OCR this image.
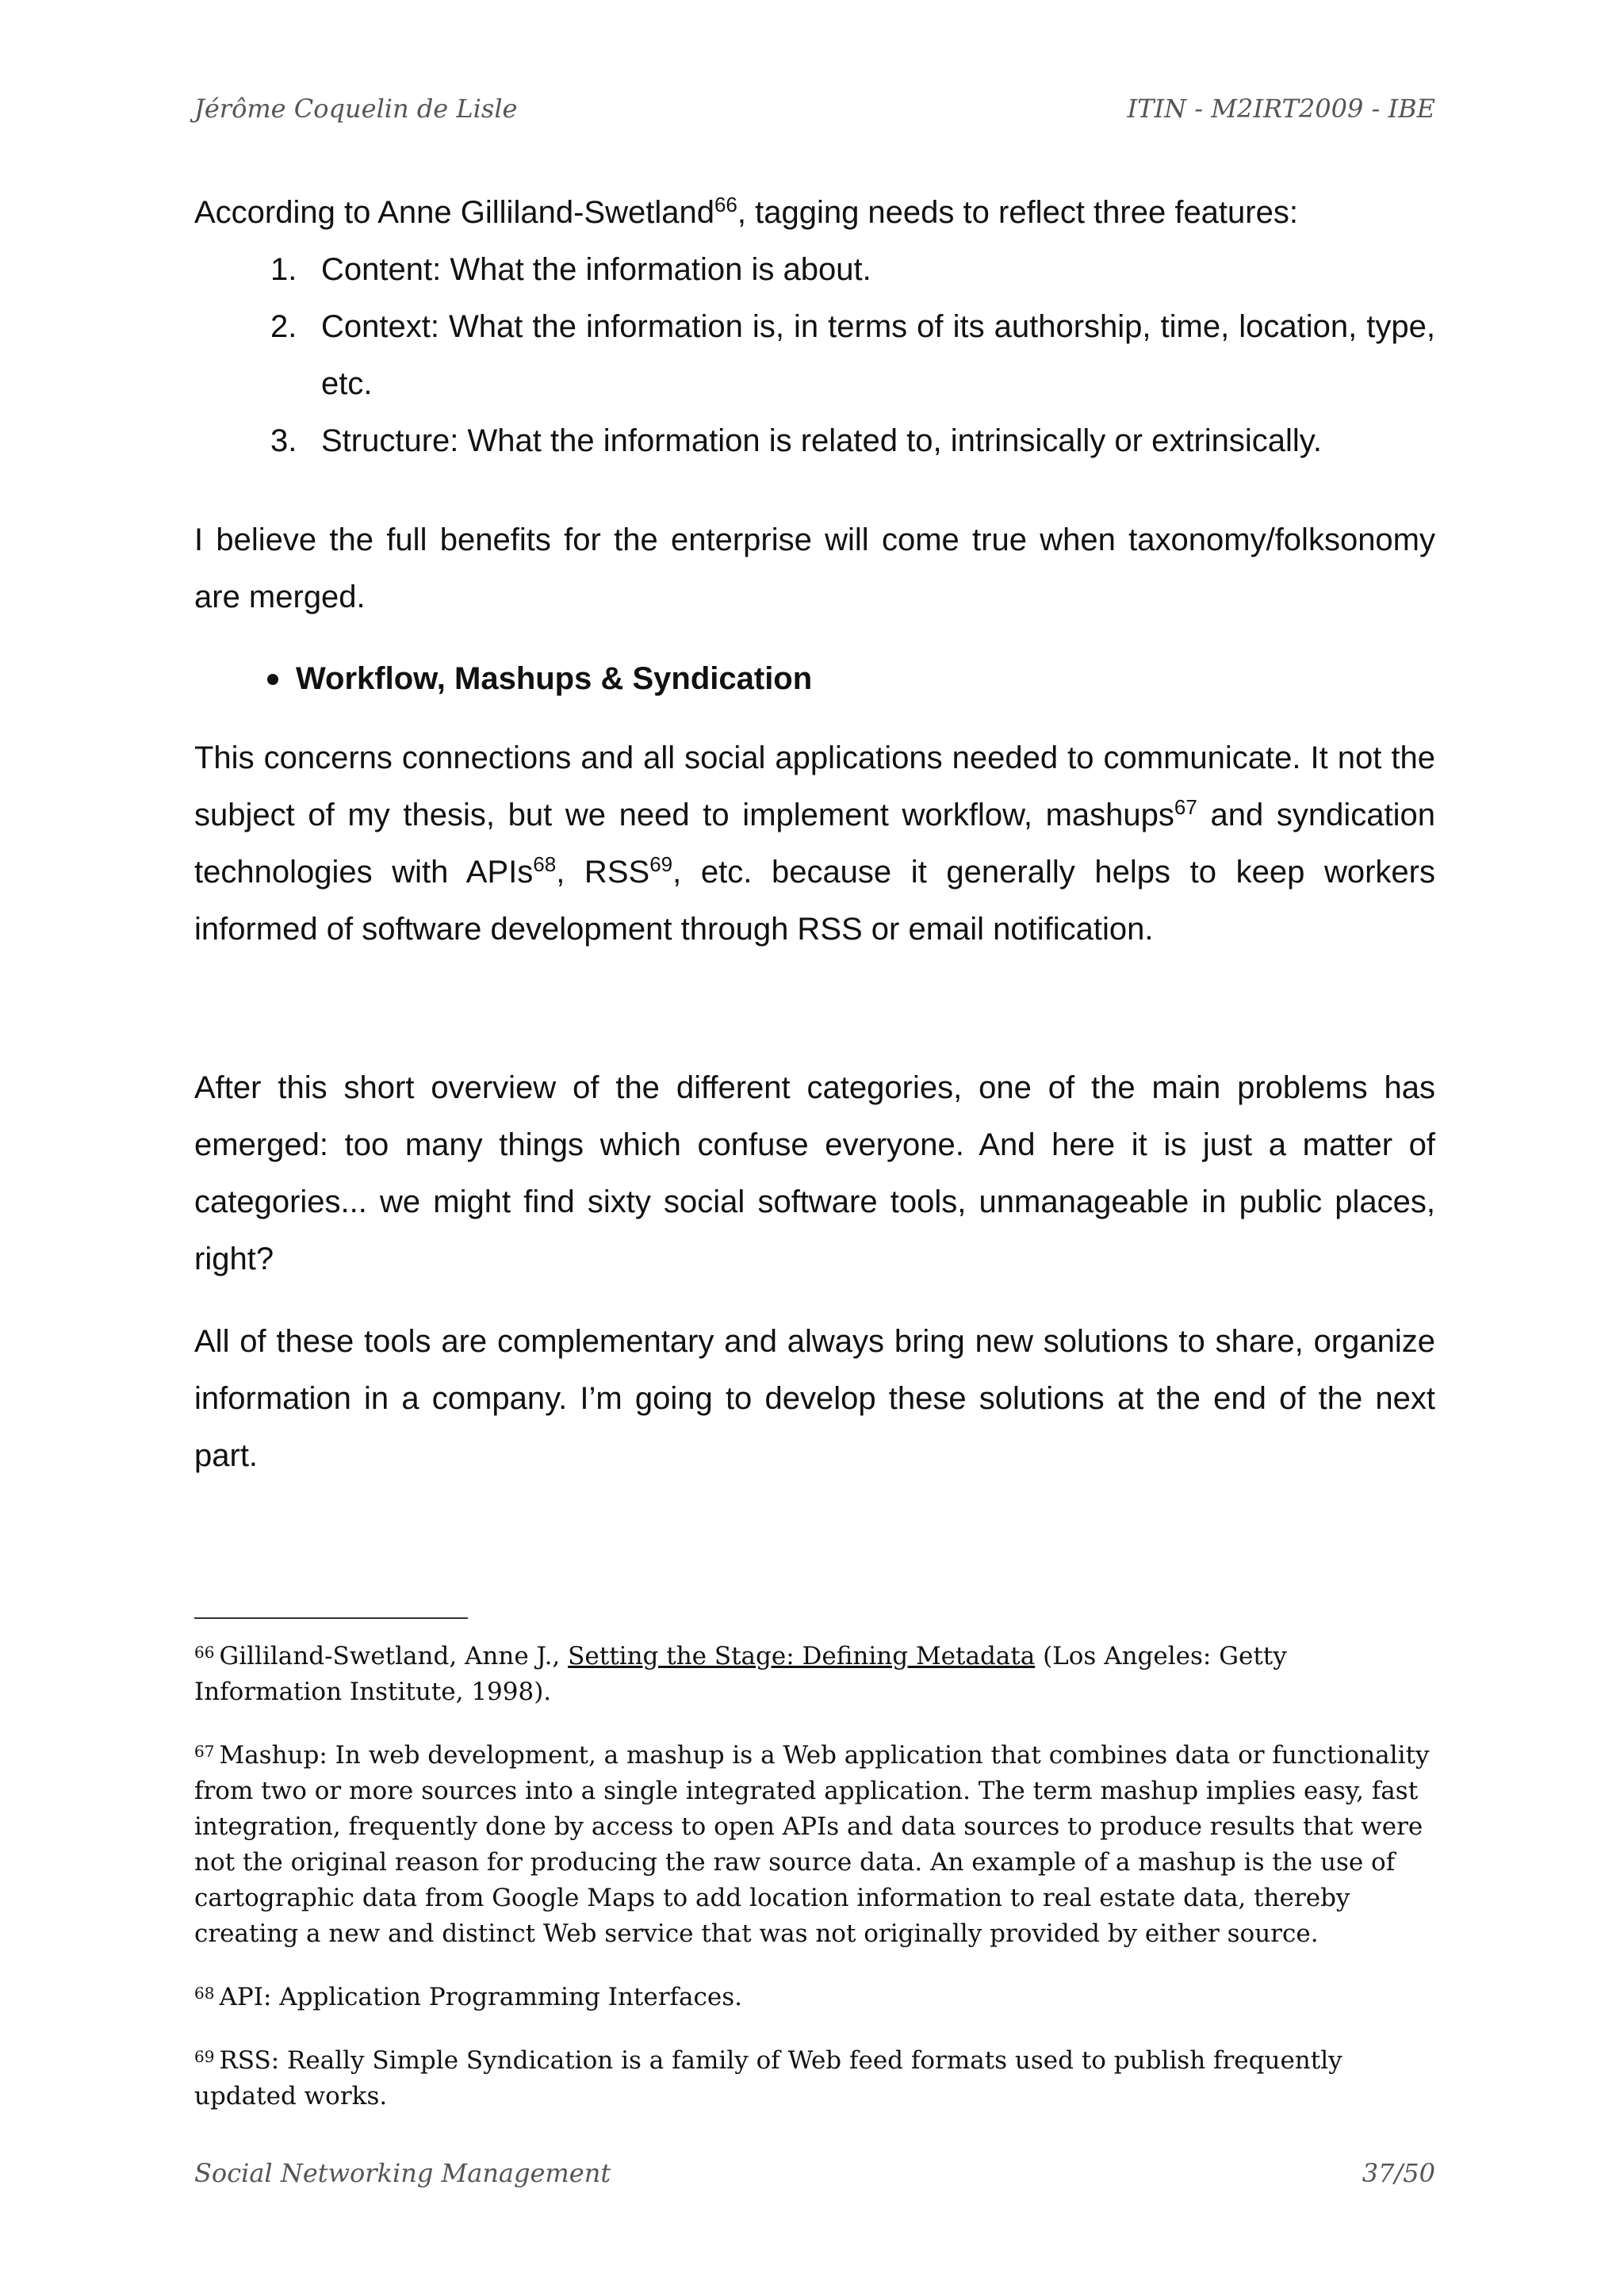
Jérôme Coquelin de Lisle	ITIN - M2IRT2009 - IBE

According to Anne Gilliland-Swetland$^{66}$, tagging needs to reflect three features:

1. Content: What the information is about.
2. Context: What the information is, in terms of its authorship, time, location, type, etc.
3. Structure: What the information is related to, intrinsically or extrinsically.

I believe the full benefits for the enterprise will come true when taxonomy/folksonomy are merged.

Workflow, Mashups & Syndication

This concerns connections and all social applications needed to communicate. It not the subject of my thesis, but we need to implement workflow, mashups$^{67}$ and syndication technologies with APIs$^{68}$, RSS$^{69}$, etc. because it generally helps to keep workers informed of software development through RSS or email notification.

After this short overview of the different categories, one of the main problems has emerged: too many things which confuse everyone. And here it is just a matter of categories... we might find sixty social software tools, unmanageable in public places, right?

All of these tools are complementary and always bring new solutions to share, organize information in a company. I’m going to develop these solutions at the end of the next part.

$^{66}$ Gilliland-Swetland, Anne J., Setting the Stage: Defining Metadata (Los Angeles: Getty Information Institute, 1998).

$^{67}$ Mashup: In web development, a mashup is a Web application that combines data or functionality from two or more sources into a single integrated application. The term mashup implies easy, fast integration, frequently done by access to open APIs and data sources to produce results that were not the original reason for producing the raw source data. An example of a mashup is the use of cartographic data from Google Maps to add location information to real estate data, thereby creating a new and distinct Web service that was not originally provided by either source.

$^{68}$ API: Application Programming Interfaces.

$^{69}$ RSS: Really Simple Syndication is a family of Web feed formats used to publish frequently updated works.

Social Networking Management	37/50
